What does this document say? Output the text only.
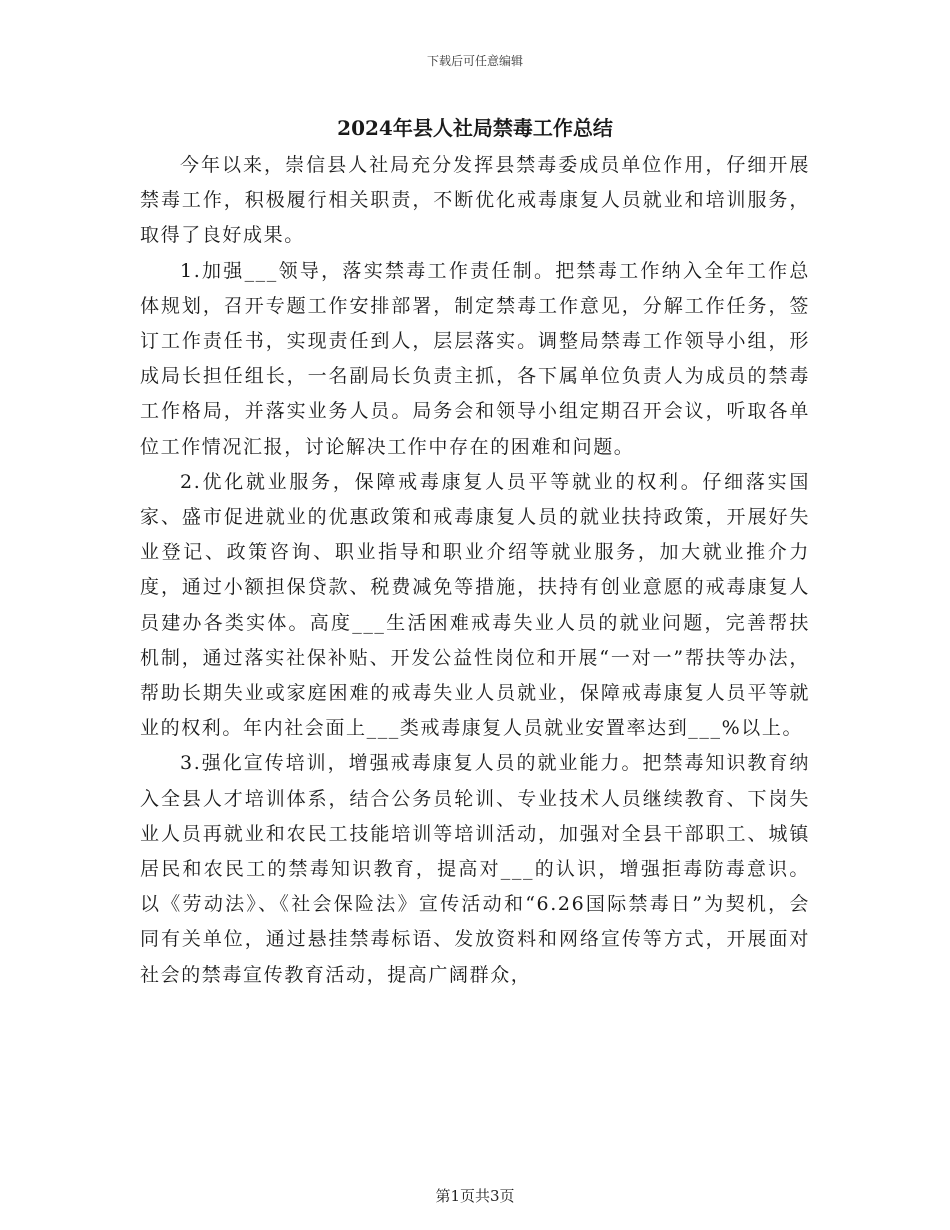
下载后可任意编辑
2024年县人社局禁毒工作总结

今年以来，崇信县人社局充分发挥县禁毒委成员单位作用，仔细开展禁毒工作，积极履行相关职责，不断优化戒毒康复人员就业和培训服务，取得了良好成果。

1.加强___领导，落实禁毒工作责任制。把禁毒工作纳入全年工作总体规划，召开专题工作安排部署，制定禁毒工作意见，分解工作任务，签订工作责任书，实现责任到人，层层落实。调整局禁毒工作领导小组，形成局长担任组长，一名副局长负责主抓，各下属单位负责人为成员的禁毒工作格局，并落实业务人员。局务会和领导小组定期召开会议，听取各单位工作情况汇报，讨论解决工作中存在的困难和问题。

2.优化就业服务，保障戒毒康复人员平等就业的权利。仔细落实国家、盛市促进就业的优惠政策和戒毒康复人员的就业扶持政策，开展好失业登记、政策咨询、职业指导和职业介绍等就业服务，加大就业推介力度，通过小额担保贷款、税费减免等措施，扶持有创业意愿的戒毒康复人员建办各类实体。高度___生活困难戒毒失业人员的就业问题，完善帮扶机制，通过落实社保补贴、开发公益性岗位和开展“一对一”帮扶等办法，帮助长期失业或家庭困难的戒毒失业人员就业，保障戒毒康复人员平等就业的权利。年内社会面上___类戒毒康复人员就业安置率达到___%以上。

3.强化宣传培训，增强戒毒康复人员的就业能力。把禁毒知识教育纳入全县人才培训体系，结合公务员轮训、专业技术人员继续教育、下岗失业人员再就业和农民工技能培训等培训活动，加强对全县干部职工、城镇居民和农民工的禁毒知识教育，提高对___的认识，增强拒毒防毒意识。以《劳动法》、《社会保险法》宣传活动和“6.26国际禁毒日”为契机，会同有关单位，通过悬挂禁毒标语、发放资料和网络宣传等方式，开展面对社会的禁毒宣传教育活动，提高广阔群众，

第1页共3页
